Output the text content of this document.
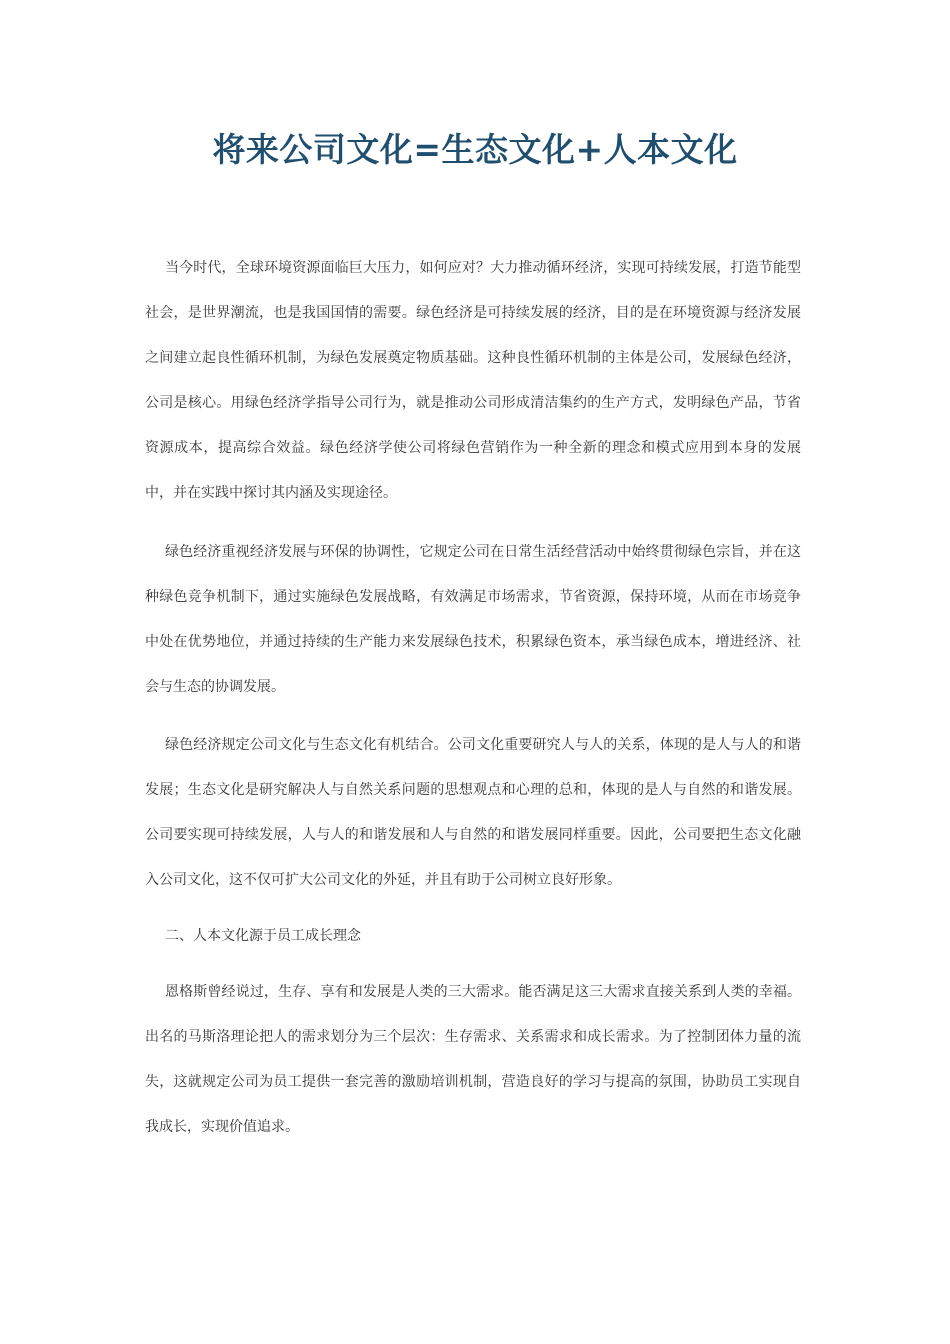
将来公司文化=生态文化+人本文化

当今时代，全球环境资源面临巨大压力，如何应对？大力推动循环经济，实现可持续发展，打造节能型社会，是世界潮流，也是我国国情的需要。绿色经济是可持续发展的经济，目的是在环境资源与经济发展之间建立起良性循环机制，为绿色发展奠定物质基础。这种良性循环机制的主体是公司，发展绿色经济，公司是核心。用绿色经济学指导公司行为，就是推动公司形成清洁集约的生产方式，发明绿色产品，节省资源成本，提高综合效益。绿色经济学使公司将绿色营销作为一种全新的理念和模式应用到本身的发展中，并在实践中探讨其内涵及实现途径。

绿色经济重视经济发展与环保的协调性，它规定公司在日常生活经营活动中始终贯彻绿色宗旨，并在这种绿色竞争机制下，通过实施绿色发展战略，有效满足市场需求，节省资源，保持环境，从而在市场竞争中处在优势地位，并通过持续的生产能力来发展绿色技术，积累绿色资本，承当绿色成本，增进经济、社会与生态的协调发展。

绿色经济规定公司文化与生态文化有机结合。公司文化重要研究人与人的关系，体现的是人与人的和谐发展；生态文化是研究解决人与自然关系问题的思想观点和心理的总和，体现的是人与自然的和谐发展。公司要实现可持续发展，人与人的和谐发展和人与自然的和谐发展同样重要。因此，公司要把生态文化融入公司文化，这不仅可扩大公司文化的外延，并且有助于公司树立良好形象。

二、人本文化源于员工成长理念

恩格斯曾经说过，生存、享有和发展是人类的三大需求。能否满足这三大需求直接关系到人类的幸福。出名的马斯洛理论把人的需求划分为三个层次：生存需求、关系需求和成长需求。为了控制团体力量的流失，这就规定公司为员工提供一套完善的激励培训机制，营造良好的学习与提高的氛围，协助员工实现自我成长，实现价值追求。
